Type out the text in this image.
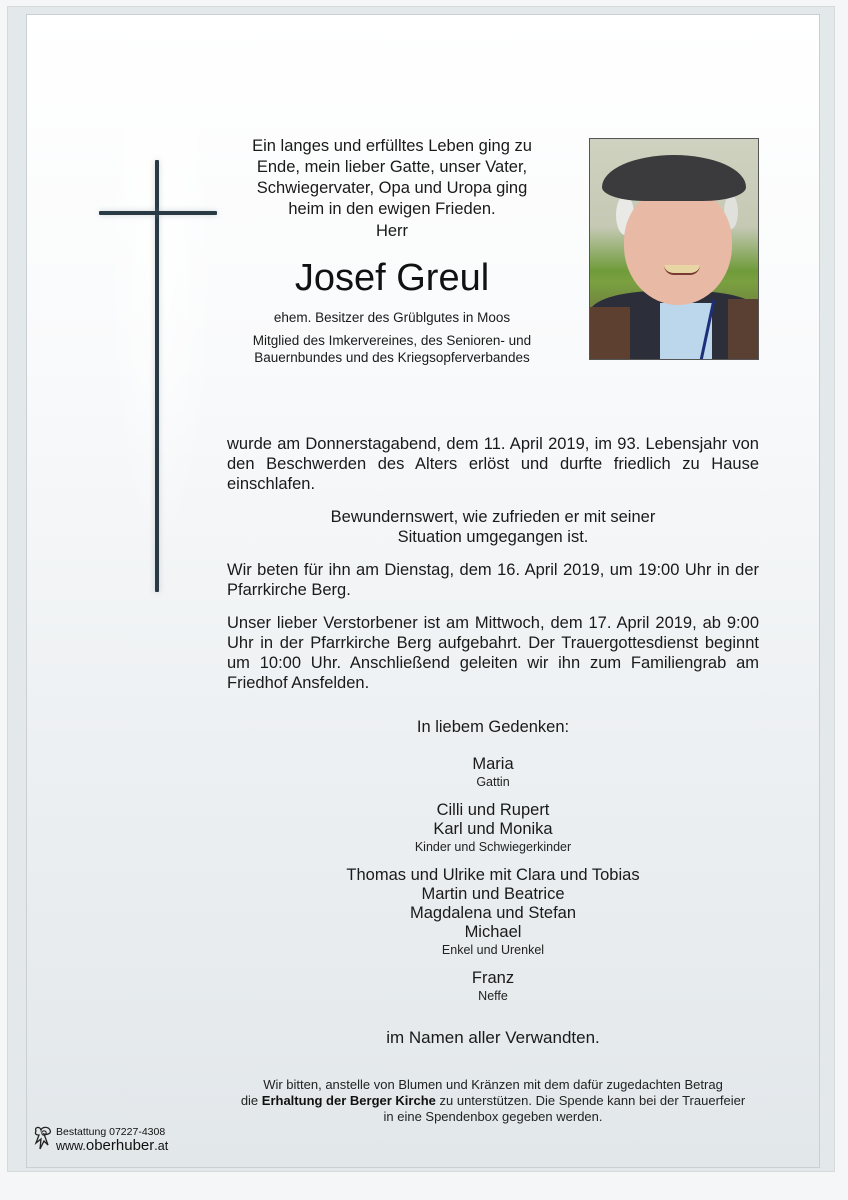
Ein langes und erfülltes Leben ging zu
Ende, mein lieber Gatte, unser Vater,
Schwiegervater, Opa und Uropa ging
heim in den ewigen Frieden.
Herr
Josef Greul
ehem. Besitzer des Grüblgutes in Moos
Mitglied des Imkervereines, des Senioren- und
Bauernbundes und des Kriegsopferverbandes
wurde am Donnerstagabend, dem 11. April 2019, im 93. Lebensjahr von den Beschwerden des Alters erlöst und durfte friedlich zu Hause einschlafen.
Bewundernswert, wie zufrieden er mit seiner
Situation umgegangen ist.
Wir beten für ihn am Dienstag, dem 16. April 2019, um 19:00 Uhr in der Pfarrkirche Berg.
Unser lieber Verstorbener ist am Mittwoch, dem 17. April 2019, ab 9:00 Uhr in der Pfarrkirche Berg aufgebahrt. Der Trauergottesdienst beginnt um 10:00 Uhr. Anschließend geleiten wir ihn zum Familiengrab am Friedhof Ansfelden.
In liebem Gedenken:
Maria
Gattin
Cilli und Rupert
Karl und Monika
Kinder und Schwiegerkinder
Thomas und Ulrike mit Clara und Tobias
Martin und Beatrice
Magdalena und Stefan
Michael
Enkel und Urenkel
Franz
Neffe
im Namen aller Verwandten.
Wir bitten, anstelle von Blumen und Kränzen mit dem dafür zugedachten Betrag
die Erhaltung der Berger Kirche zu unterstützen. Die Spende kann bei der Trauerfeier
in eine Spendenbox gegeben werden.
Bestattung 07227-4308
www.oberhuber.at
